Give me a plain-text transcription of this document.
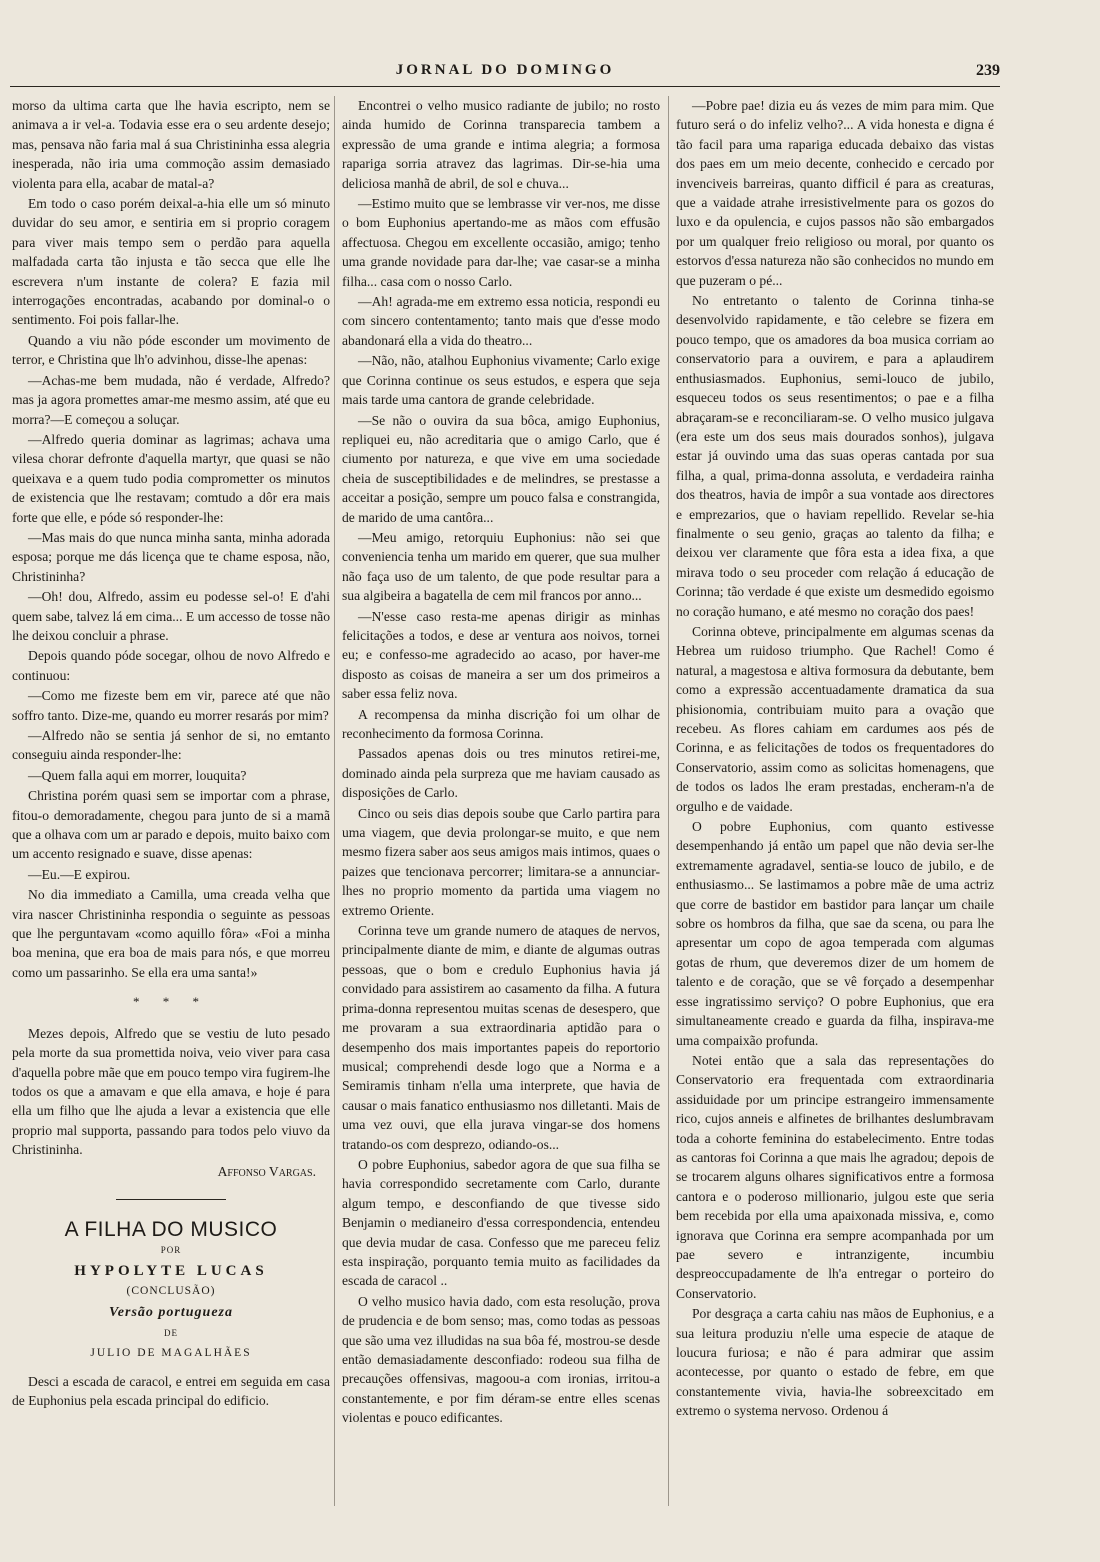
JORNAL DO DOMINGO	239

morso da ultima carta que lhe havia escripto, nem se animava a ir vel-a. Todavia esse era o seu ardente desejo; mas, pensava não faria mal á sua Christininha essa alegria inesperada, não iria uma commoção assim demasiado violenta para ella, acabar de matal-a?

Em todo o caso porém deixal-a-hia elle um só minuto duvidar do seu amor, e sentiria em si proprio coragem para viver mais tempo sem o perdão para aquella malfadada carta tão injusta e tão secca que elle lhe escrevera n'um instante de colera? E fazia mil interrogações encontradas, acabando por dominal-o o sentimento. Foi pois fallar-lhe.

Quando a viu não póde esconder um movimento de terror, e Christina que lh'o advinhou, disse-lhe apenas:

—Achas-me bem mudada, não é verdade, Alfredo? mas ja agora promettes amar-me mesmo assim, até que eu morra?—E começou a soluçar.

—Alfredo queria dominar as lagrimas; achava uma vilesa chorar defronte d'aquella martyr, que quasi se não queixava e a quem tudo podia comprometter os minutos de existencia que lhe restavam; comtudo a dôr era mais forte que elle, e póde só responder-lhe:

—Mas mais do que nunca minha santa, minha adorada esposa; porque me dás licença que te chame esposa, não, Christininha?

—Oh! dou, Alfredo, assim eu podesse sel-o! E d'ahi quem sabe, talvez lá em cima... E um accesso de tosse não lhe deixou concluir a phrase.

Depois quando póde socegar, olhou de novo Alfredo e continuou:

—Como me fizeste bem em vir, parece até que não soffro tanto. Dize-me, quando eu morrer resarás por mim?

—Alfredo não se sentia já senhor de si, no emtanto conseguiu ainda responder-lhe:

—Quem falla aqui em morrer, louquita?

Christina porém quasi sem se importar com a phrase, fitou-o demoradamente, chegou para junto de si a mamã que a olhava com um ar parado e depois, muito baixo com um accento resignado e suave, disse apenas:

—Eu.—E expirou.

No dia immediato a Camilla, uma creada velha que vira nascer Christininha respondia o seguinte as pessoas que lhe perguntavam «como aquillo fôra» «Foi a minha boa menina, que era boa de mais para nós, e que morreu como um passarinho. Se ella era uma santa!»

* * *

Mezes depois, Alfredo que se vestiu de luto pesado pela morte da sua promettida noiva, veio viver para casa d'aquella pobre mãe que em pouco tempo vira fugirem-lhe todos os que a amavam e que ella amava, e hoje é para ella um filho que lhe ajuda a levar a existencia que elle proprio mal supporta, passando para todos pelo viuvo da Christininha.

Affonso Vargas.
A FILHA DO MUSICO
POR
HYPOLYTE LUCAS
(CONCLUSÃO)
Versão portugueza
DE
JULIO DE MAGALHÃES

Desci a escada de caracol, e entrei em seguida em casa de Euphonius pela escada principal do edificio.

Encontrei o velho musico radiante de jubilo; no rosto ainda humido de Corinna transparecia tambem a expressão de uma grande e intima alegria; a formosa rapariga sorria atravez das lagrimas. Dir-se-hia uma deliciosa manhã de abril, de sol e chuva...

—Estimo muito que se lembrasse vir ver-nos, me disse o bom Euphonius apertando-me as mãos com effusão affectuosa. Chegou em excellente occasião, amigo; tenho uma grande novidade para dar-lhe; vae casar-se a minha filha... casa com o nosso Carlo.

—Ah! agrada-me em extremo essa noticia, respondi eu com sincero contentamento; tanto mais que d'esse modo abandonará ella a vida do theatro...

—Não, não, atalhou Euphonius vivamente; Carlo exige que Corinna continue os seus estudos, e espera que seja mais tarde uma cantora de grande celebridade.

—Se não o ouvira da sua bôca, amigo Euphonius, repliquei eu, não acreditaria que o amigo Carlo, que é ciumento por natureza, e que vive em uma sociedade cheia de susceptibilidades e de melindres, se prestasse a acceitar a posição, sempre um pouco falsa e constrangida, de marido de uma cantôra...

—Meu amigo, retorquiu Euphonius: não sei que conveniencia tenha um marido em querer, que sua mulher não faça uso de um talento, de que pode resultar para a sua algibeira a bagatella de cem mil francos por anno...

—N'esse caso resta-me apenas dirigir as minhas felicitações a todos, e dese ar ventura aos noivos, tornei eu; e confesso-me agradecido ao acaso, por haver-me disposto as coisas de maneira a ser um dos primeiros a saber essa feliz nova.

A recompensa da minha discrição foi um olhar de reconhecimento da formosa Corinna.

Passados apenas dois ou tres minutos retirei-me, dominado ainda pela surpreza que me haviam causado as disposições de Carlo.

Cinco ou seis dias depois soube que Carlo partira para uma viagem, que devia prolongar-se muito, e que nem mesmo fizera saber aos seus amigos mais intimos, quaes o paizes que tencionava percorrer; limitara-se a annunciar-lhes no proprio momento da partida uma viagem no extremo Oriente.

Corinna teve um grande numero de ataques de nervos, principalmente diante de mim, e diante de algumas outras pessoas, que o bom e credulo Euphonius havia já convidado para assistirem ao casamento da filha. A futura prima-donna representou muitas scenas de desespero, que me provaram a sua extraordinaria aptidão para o desempenho dos mais importantes papeis do reportorio musical; comprehendi desde logo que a Norma e a Semiramis tinham n'ella uma interprete, que havia de causar o mais fanatico enthusiasmo nos dilletanti. Mais de uma vez ouvi, que ella jurava vingar-se dos homens tratando-os com desprezo, odiando-os...

O pobre Euphonius, sabedor agora de que sua filha se havia correspondido secretamente com Carlo, durante algum tempo, e desconfiando de que tivesse sido Benjamin o medianeiro d'essa correspondencia, entendeu que devia mudar de casa. Confesso que me pareceu feliz esta inspiração, porquanto temia muito as facilidades da escada de caracol ..

O velho musico havia dado, com esta resolução, prova de prudencia e de bom senso; mas, como todas as pessoas que são uma vez illudidas na sua bôa fé, mostrou-se desde então demasiadamente desconfiado: rodeou sua filha de precauções offensivas, magoou-a com ironias, irritou-a constantemente, e por fim déram-se entre elles scenas violentas e pouco edificantes.

—Pobre pae! dizia eu ás vezes de mim para mim. Que futuro será o do infeliz velho?... A vida honesta e digna é tão facil para uma rapariga educada debaixo das vistas dos paes em um meio decente, conhecido e cercado por invenciveis barreiras, quanto difficil é para as creaturas, que a vaidade atrahe irresistivelmente para os gozos do luxo e da opulencia, e cujos passos não são embargados por um qualquer freio religioso ou moral, por quanto os estorvos d'essa natureza não são conhecidos no mundo em que puzeram o pé...

No entretanto o talento de Corinna tinha-se desenvolvido rapidamente, e tão celebre se fizera em pouco tempo, que os amadores da boa musica corriam ao conservatorio para a ouvirem, e para a aplaudirem enthusiasmados. Euphonius, semi-louco de jubilo, esqueceu todos os seus resentimentos; o pae e a filha abraçaram-se e reconciliaram-se. O velho musico julgava (era este um dos seus mais dourados sonhos), julgava estar já ouvindo uma das suas operas cantada por sua filha, a qual, prima-donna assoluta, e verdadeira rainha dos theatros, havia de impôr a sua vontade aos directores e emprezarios, que o haviam repellido. Revelar se-hia finalmente o seu genio, graças ao talento da filha; e deixou ver claramente que fôra esta a idea fixa, a que mirava todo o seu proceder com relação á educação de Corinna; tão verdade é que existe um desmedido egoismo no coração humano, e até mesmo no coração dos paes!

Corinna obteve, principalmente em algumas scenas da Hebrea um ruidoso triumpho. Que Rachel! Como é natural, a magestosa e altiva formosura da debutante, bem como a expressão accentuadamente dramatica da sua phisionomia, contribuiam muito para a ovação que recebeu. As flores cahiam em cardumes aos pés de Corinna, e as felicitações de todos os frequentadores do Conservatorio, assim como as solicitas homenagens, que de todos os lados lhe eram prestadas, encheram-n'a de orgulho e de vaidade.

O pobre Euphonius, com quanto estivesse desempenhando já então um papel que não devia ser-lhe extremamente agradavel, sentia-se louco de jubilo, e de enthusiasmo... Se lastimamos a pobre mãe de uma actriz que corre de bastidor em bastidor para lançar um chaile sobre os hombros da filha, que sae da scena, ou para lhe apresentar um copo de agoa temperada com algumas gotas de rhum, que deveremos dizer de um homem de talento e de coração, que se vê forçado a desempenhar esse ingratissimo serviço? O pobre Euphonius, que era simultaneamente creado e guarda da filha, inspirava-me uma compaixão profunda.

Notei então que a sala das representações do Conservatorio era frequentada com extraordinaria assiduidade por um principe estrangeiro immensamente rico, cujos anneis e alfinetes de brilhantes deslumbravam toda a cohorte feminina do estabelecimento. Entre todas as cantoras foi Corinna a que mais lhe agradou; depois de se trocarem alguns olhares significativos entre a formosa cantora e o poderoso millionario, julgou este que seria bem recebida por ella uma apaixonada missiva, e, como ignorava que Corinna era sempre acompanhada por um pae severo e intranzigente, incumbiu despreoccupadamente de lh'a entregar o porteiro do Conservatorio.

Por desgraça a carta cahiu nas mãos de Euphonius, e a sua leitura produziu n'elle uma especie de ataque de loucura furiosa; e não é para admirar que assim acontecesse, por quanto o estado de febre, em que constantemente vivia, havia-lhe sobreexcitado em extremo o systema nervoso. Ordenou á
